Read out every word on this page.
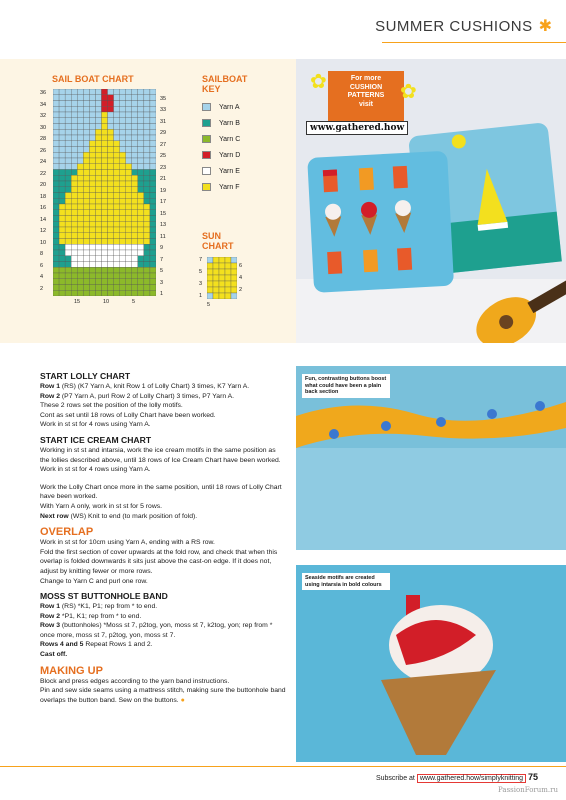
SUMMER CUSHIONS ✱
SAIL BOAT CHART
36
34
32
30
28
26
24
22
20
18
16
14
12
10
8
6
4
2
35
33
31
29
27
25
23
21
19
17
15
13
11
9
7
5
3
1
15	10	5
SAILBOAT
KEY
Yarn A
Yarn B
Yarn C
Yarn D
Yarn E
Yarn F
SUN
CHART
7
5
3
1
6
4
2
5
For more
CUSHION
PATTERNS
visit
✿	✿
www.gathered.how
Fun, contrasting buttons boost what could have been a plain back section
Seaside motifs are created using intarsia in bold colours
START LOLLY CHART

Row 1 (RS) (K7 Yarn A, knit Row 1 of Lolly Chart) 3 times, K7 Yarn A.

Row 2 (P7 Yarn A, purl Row 2 of Lolly Chart) 3 times, P7 Yarn A.

These 2 rows set the position of the lolly motifs.

Cont as set until 18 rows of Lolly Chart have been worked.

Work in st st for 4 rows using Yarn A.

START ICE CREAM CHART

Working in st st and intarsia, work the ice cream motifs in the same position as the lollies described above, until 18 rows of Ice Cream Chart have been worked.

Work in st st for 4 rows using Yarn A.

Work the Lolly Chart once more in the same position, until 18 rows of Lolly Chart have been worked.

With Yarn A only, work in st st for 5 rows.

Next row (WS) Knit to end (to mark position of fold).

OVERLAP

Work in st st for 10cm using Yarn A, ending with a RS row.

Fold the first section of cover upwards at the fold row, and check that when this overlap is folded downwards it sits just above the cast-on edge. If it does not, adjust by knitting fewer or more rows.

Change to Yarn C and purl one row.

MOSS ST BUTTONHOLE BAND

Row 1 (RS) *K1, P1; rep from * to end.

Row 2 *P1, K1; rep from * to end.

Row 3 (buttonholes) *Moss st 7, p2tog, yon, moss st 7, k2tog, yon; rep from * once more, moss st 7, p2tog, yon, moss st 7.

Rows 4 and 5 Repeat Rows 1 and 2.

Cast off.

MAKING UP

Block and press edges according to the yarn band instructions.

Pin and sew side seams using a mattress stitch, making sure the buttonhole band overlaps the button band. Sew on the buttons. ●

Subscribe at www.gathered.how/simplyknitting 75
PassionForum.ru
